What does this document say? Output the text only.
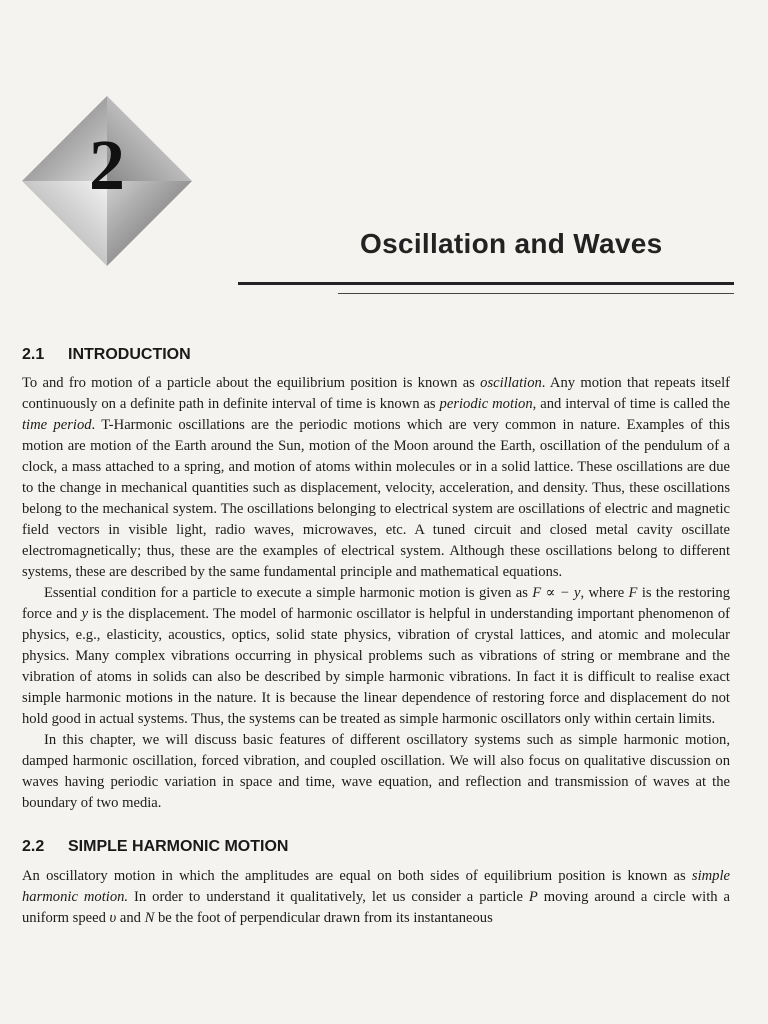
2
Oscillation and Waves
2.1 INTRODUCTION

To and fro motion of a particle about the equilibrium position is known as oscillation. Any motion that repeats itself continuously on a definite path in definite interval of time is known as periodic motion, and interval of time is called the time period. T-Harmonic oscillations are the periodic motions which are very common in nature. Examples of this motion are motion of the Earth around the Sun, motion of the Moon around the Earth, oscillation of the pendulum of a clock, a mass attached to a spring, and motion of atoms within molecules or in a solid lattice. These oscillations are due to the change in mechanical quantities such as displacement, velocity, acceleration, and density. Thus, these oscillations belong to the mechanical system. The oscillations belonging to electrical system are oscillations of electric and magnetic field vectors in visible light, radio waves, microwaves, etc. A tuned circuit and closed metal cavity oscillate electromagnetically; thus, these are the examples of electrical system. Although these oscillations belong to different systems, these are described by the same fundamental principle and mathematical equations.

Essential condition for a particle to execute a simple harmonic motion is given as F ∝ − y, where F is the restoring force and y is the displacement. The model of harmonic oscillator is helpful in understanding important phenomenon of physics, e.g., elasticity, acoustics, optics, solid state physics, vibration of crystal lattices, and atomic and molecular physics. Many complex vibrations occurring in physical problems such as vibrations of string or membrane and the vibration of atoms in solids can also be described by simple harmonic vibrations. In fact it is difficult to realise exact simple harmonic motions in the nature. It is because the linear dependence of restoring force and displacement do not hold good in actual systems. Thus, the systems can be treated as simple harmonic oscillators only within certain limits.

In this chapter, we will discuss basic features of different oscillatory systems such as simple harmonic motion, damped harmonic oscillation, forced vibration, and coupled oscillation. We will also focus on qualitative discussion on waves having periodic variation in space and time, wave equation, and reflection and transmission of waves at the boundary of two media.

2.2 SIMPLE HARMONIC MOTION

An oscillatory motion in which the amplitudes are equal on both sides of equilibrium position is known as simple harmonic motion. In order to understand it qualitatively, let us consider a particle P moving around a circle with a uniform speed υ and N be the foot of perpendicular drawn from its instantaneous
